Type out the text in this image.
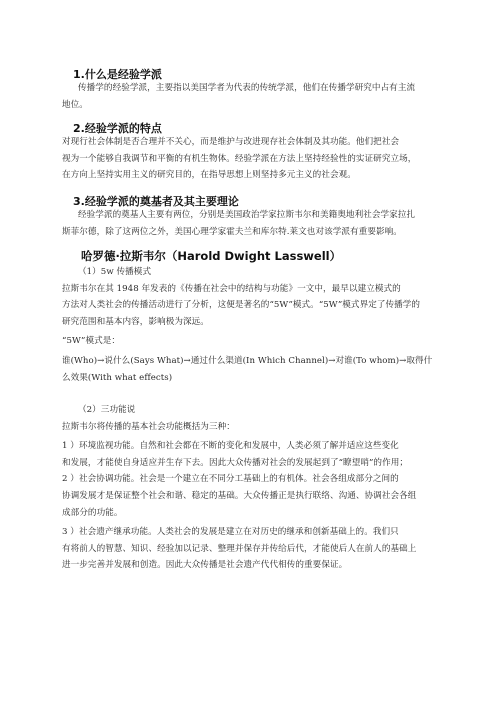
1.什么是经验学派
传播学的经验学派，主要指以美国学者为代表的传统学派，他们在传播学研究中占有主流
地位。
2.经验学派的特点
对现行社会体制是否合理并不关心，而是维护与改进现存社会体制及其功能。他们把社会
视为一个能够自我调节和平衡的有机生物体。经验学派在方法上坚持经验性的实证研究立场，
在方向上坚持实用主义的研究目的，在指导思想上则坚持多元主义的社会观。
3.经验学派的奠基者及其主要理论
经验学派的奠基人主要有两位，分别是美国政治学家拉斯韦尔和美籍奥地利社会学家拉扎
斯菲尔德，除了这两位之外，美国心理学家霍夫兰和库尔特.莱文也对该学派有重要影响。
哈罗德·拉斯韦尔（Harold Dwight Lasswell）
（1）5w 传播模式
拉斯韦尔在其 1948 年发表的《传播在社会中的结构与功能》一文中，最早以建立模式的
方法对人类社会的传播活动进行了分析，这便是著名的“5W”模式。“5W”模式界定了传播学的
研究范围和基本内容，影响极为深远。
“5W”模式是：
谁(Who)→说什么(Says What)→通过什么渠道(In Which Channel)→对谁(To whom)→取得什
么效果(With what effects)
（2）三功能说
拉斯韦尔将传播的基本社会功能概括为三种：
1 ）环境监视功能。自然和社会都在不断的变化和发展中，人类必须了解并适应这些变化
和发展，才能使自身适应并生存下去。因此大众传播对社会的发展起到了“瞭望哨”的作用；
2 ）社会协调功能。社会是一个建立在不同分工基础上的有机体。社会各组成部分之间的
协调发展才是保证整个社会和谐、稳定的基础。大众传播正是执行联络、沟通、协调社会各组
成部分的功能。
3 ）社会遗产继承功能。人类社会的发展是建立在对历史的继承和创新基础上的。我们只
有将前人的智慧、知识、经验加以记录、整理并保存并传给后代，才能使后人在前人的基础上
进一步完善并发展和创造。因此大众传播是社会遗产代代相传的重要保证。
